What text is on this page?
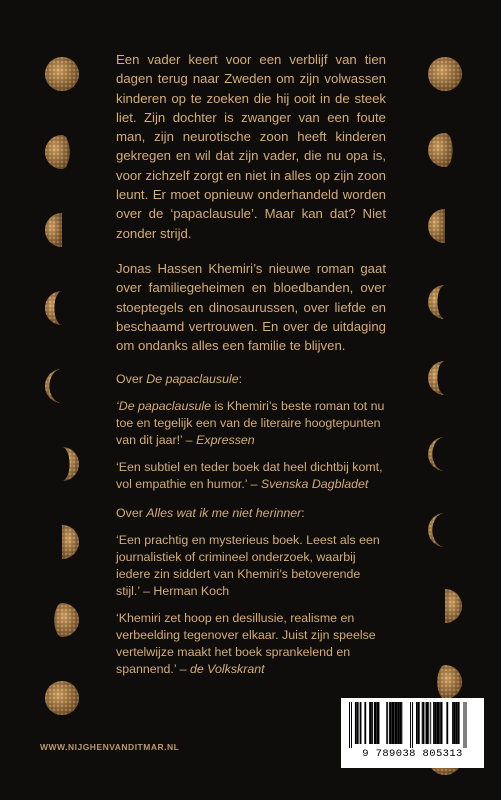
Een vader keert voor een verblijf van tien dagen terug naar Zweden om zijn volwassen kinderen op te zoeken die hij ooit in de steek liet. Zijn dochter is zwanger van een foute man, zijn neurotische zoon heeft kinderen gekregen en wil dat zijn vader, die nu opa is, voor zichzelf zorgt en niet in alles op zijn zoon leunt. Er moet opnieuw onderhandeld worden over de ‘papaclausule’. Maar kan dat? Niet zonder strijd.

Jonas Hassen Khemiri’s nieuwe roman gaat over familiegeheimen en bloedbanden, over stoeptegels en dinosaurussen, over liefde en beschaamd vertrouwen. En over de uitdaging om ondanks alles een familie te blijven.

Over De papaclausule:

‘De papaclausule is Khemiri’s beste roman tot nu toe en tegelijk een van de literaire hoogtepunten van dit jaar!’ – Expressen

‘Een subtiel en teder boek dat heel dichtbij komt, vol empathie en humor.’ – Svenska Dagbladet

Over Alles wat ik me niet herinner:

‘Een prachtig en mysterieus boek. Leest als een journalistiek of crimineel onderzoek, waarbij iedere zin siddert van Khemiri’s betoverende stijl.’ – Herman Koch

‘Khemiri zet hoop en desillusie, realisme en verbeelding tegenover elkaar. Juist zijn speelse vertelwijze maakt het boek sprankelend en spannend.’ – de Volkskrant

WWW.NIJGHENVANDITMAR.NL
9 789038 805313
